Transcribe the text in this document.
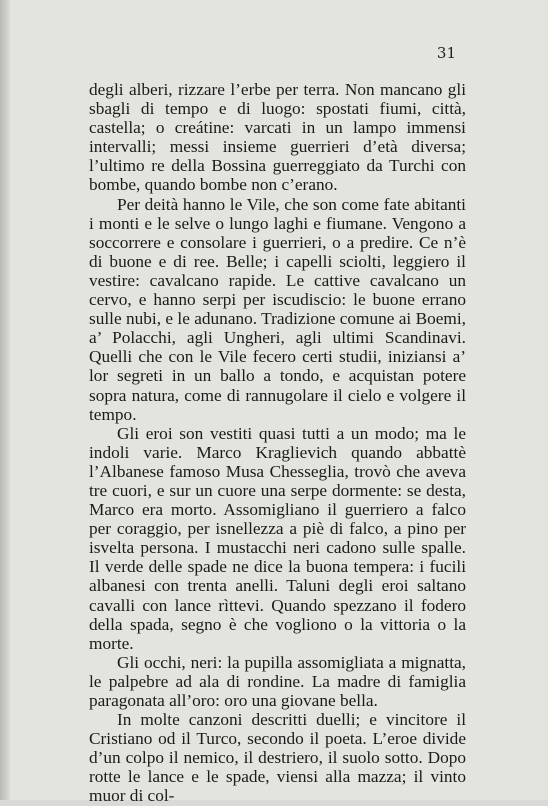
31

degli alberi, rizzare l’erbe per terra. Non mancano gli sbagli di tempo e di luogo: spostati fiumi, città, castella; o creátine: varcati in un lampo immensi intervalli; messi insieme guerrieri d’età diversa; l’ultimo re della Bossina guerreggiato da Turchi con bombe, quando bombe non c’erano.

Per deità hanno le Vile, che son come fate abitanti i monti e le selve o lungo laghi e fiumane. Vengono a soccorrere e consolare i guerrieri, o a predire. Ce n’è di buone e di ree. Belle; i capelli sciolti, leggiero il vestire: cavalcano rapide. Le cattive cavalcano un cervo, e hanno serpi per iscudiscio: le buone errano sulle nubi, e le adunano. Tradizione comune ai Boemi, a’ Polacchi, agli Ungheri, agli ultimi Scandinavi. Quelli che con le Vile fecero certi studii, iniziansi a’ lor segreti in un ballo a tondo, e acquistan potere sopra natura, come di rannugolare il cielo e volgere il tempo.

Gli eroi son vestiti quasi tutti a un modo; ma le indoli varie. Marco Kraglievich quando abbattè l’Albanese famoso Musa Chesseglia, trovò che aveva tre cuori, e sur un cuore una serpe dormente: se desta, Marco era morto. Assomigliano il guerriero a falco per coraggio, per isnellezza a piè di falco, a pino per isvelta persona. I mustacchi neri cadono sulle spalle. Il verde delle spade ne dice la buona tempera: i fucili albanesi con trenta anelli. Taluni degli eroi saltano cavalli con lance rìttevi. Quando spezzano il fodero della spada, segno è che vogliono o la vittoria o la morte.

Gli occhi, neri: la pupilla assomigliata a mignatta, le palpebre ad ala di rondine. La madre di famiglia paragonata all’oro: oro una giovane bella.

In molte canzoni descritti duelli; e vincitore il Cristiano od il Turco, secondo il poeta. L’eroe divide d’un colpo il nemico, il destriero, il suolo sotto. Dopo rotte le lance e le spade, viensi alla mazza; il vinto muor di col-
